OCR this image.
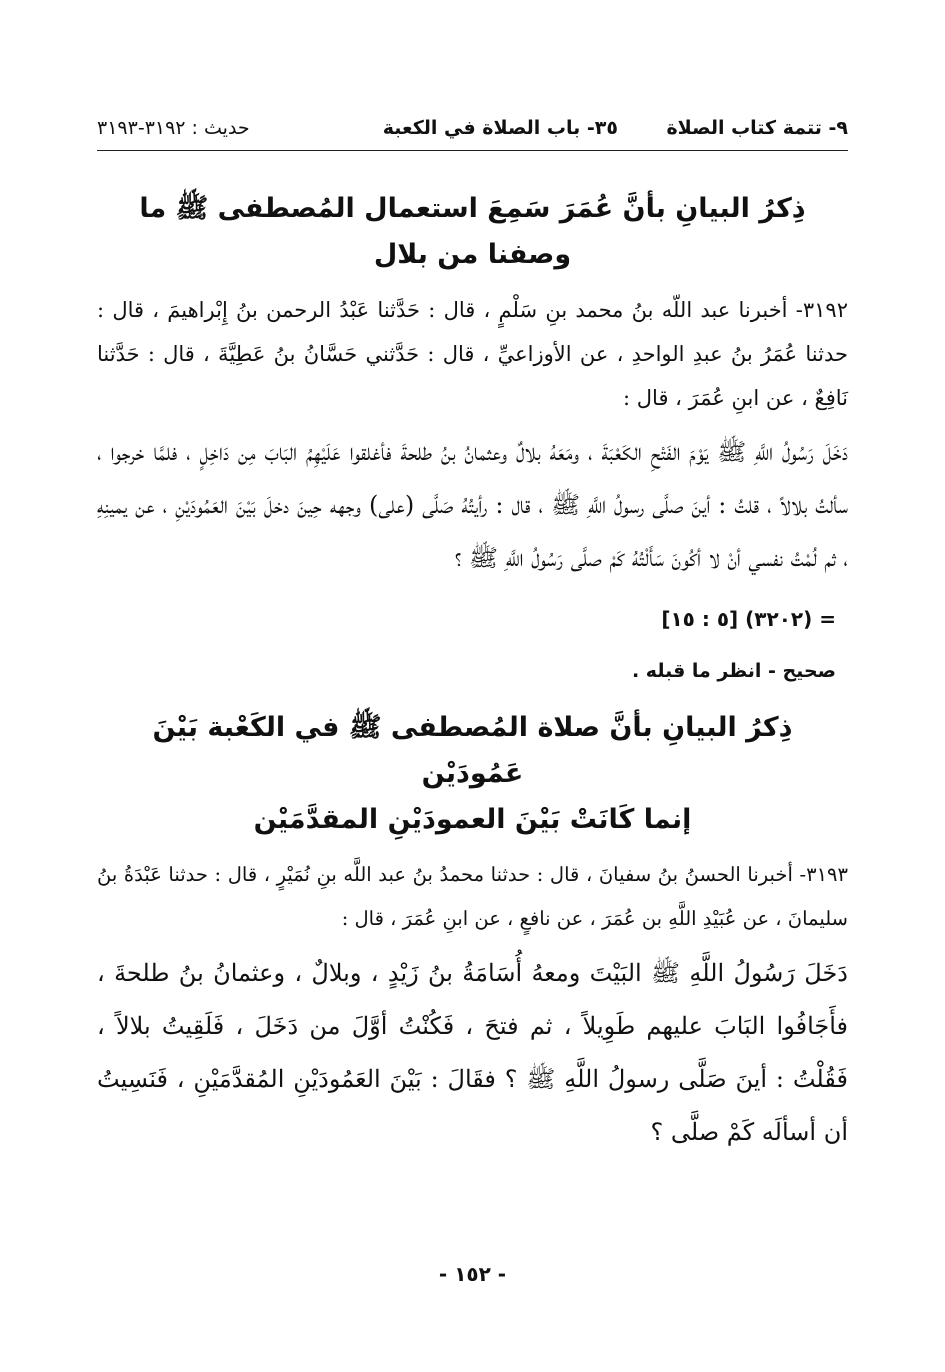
٩- تتمة كتاب الصلاة
٣٥- باب الصلاة في الكعبة
حديث : ٣١٩٢-٣١٩٣
ذِكرُ البيانِ بأنَّ عُمَرَ سَمِعَ استعمال المُصطفى ﷺ ما
وصفنا من بلال

٣١٩٢- أخبرنا عبد اللّه بنُ محمد بنِ سَلْمٍ ، قال : حَدَّثنا عَبْدُ الرحمن بنُ إِبْراهيمَ ، قال : حدثنا عُمَرُ بنُ عبدِ الواحدِ ، عن الأوزاعيِّ ، قال : حَدَّثني حَسَّانُ بنُ عَطِيَّةَ ، قال : حَدَّثنا نَافِعٌ ، عن ابنِ عُمَرَ ، قال :

دَخَلَ رَسُولُ اللَّهِ ﷺ يَوْمَ الفَتْحِ الكَعْبَةَ ، ومَعَهُ بلالٌ وعثمانُ بنُ طلحةَ فأغلقوا عَلَيْهِمُ البَابَ مِن دَاخِلٍ ، فلمَّا خرجوا ، سألتُ بلالاً ، قلتُ : أينَ صلَّى رسولُ اللَّهِ ﷺ ، قال : رأيتُهُ صَلَّى (على) وجهه حِينَ دخلَ بَيْنَ العَمُودَيْنِ ، عن يمينِهِ ، ثم لُمْتُ نفسي أنْ لا أكُونَ سَأَلْتُهُ كَمْ صلَّى رَسُولُ اللَّهِ ﷺ ؟

= (٣٢٠٢) [٥ : ١٥]
صحيح - انظر ما قبله .
ذِكرُ البيانِ بأنَّ صلاة المُصطفى ﷺ في الكَعْبة بَيْنَ عَمُودَيْن
إنما كَانَتْ بَيْنَ العمودَيْنِ المقدَّمَيْن

٣١٩٣- أخبرنا الحسنُ بنُ سفيانَ ، قال : حدثنا محمدُ بنُ عبد اللَّه بنِ نُمَيْرٍ ، قال : حدثنا عَبْدَةُ بنُ سليمانَ ، عن عُبَيْدِ اللَّهِ بن عُمَرَ ، عن نافعٍ ، عن ابنِ عُمَرَ ، قال :

دَخَلَ رَسُولُ اللَّهِ ﷺ البَيْتَ ومعهُ أُسَامَةُ بنُ زَيْدٍ ، وبلالٌ ، وعثمانُ بنُ طلحةَ ، فأَجَافُوا البَابَ عليهم طَوِيلاً ، ثم فتحَ ، فَكُنْتُ أوَّلَ من دَخَلَ ، فَلَقِيتُ بلالاً ، فَقُلْتُ : أينَ صَلَّى رسولُ اللَّهِ ﷺ ؟ فقَالَ : بَيْنَ العَمُودَيْنِ المُقدَّمَيْنِ ، فَنَسِيتُ أن أسألَه كَمْ صلَّى ؟

- ١٥٢ -
